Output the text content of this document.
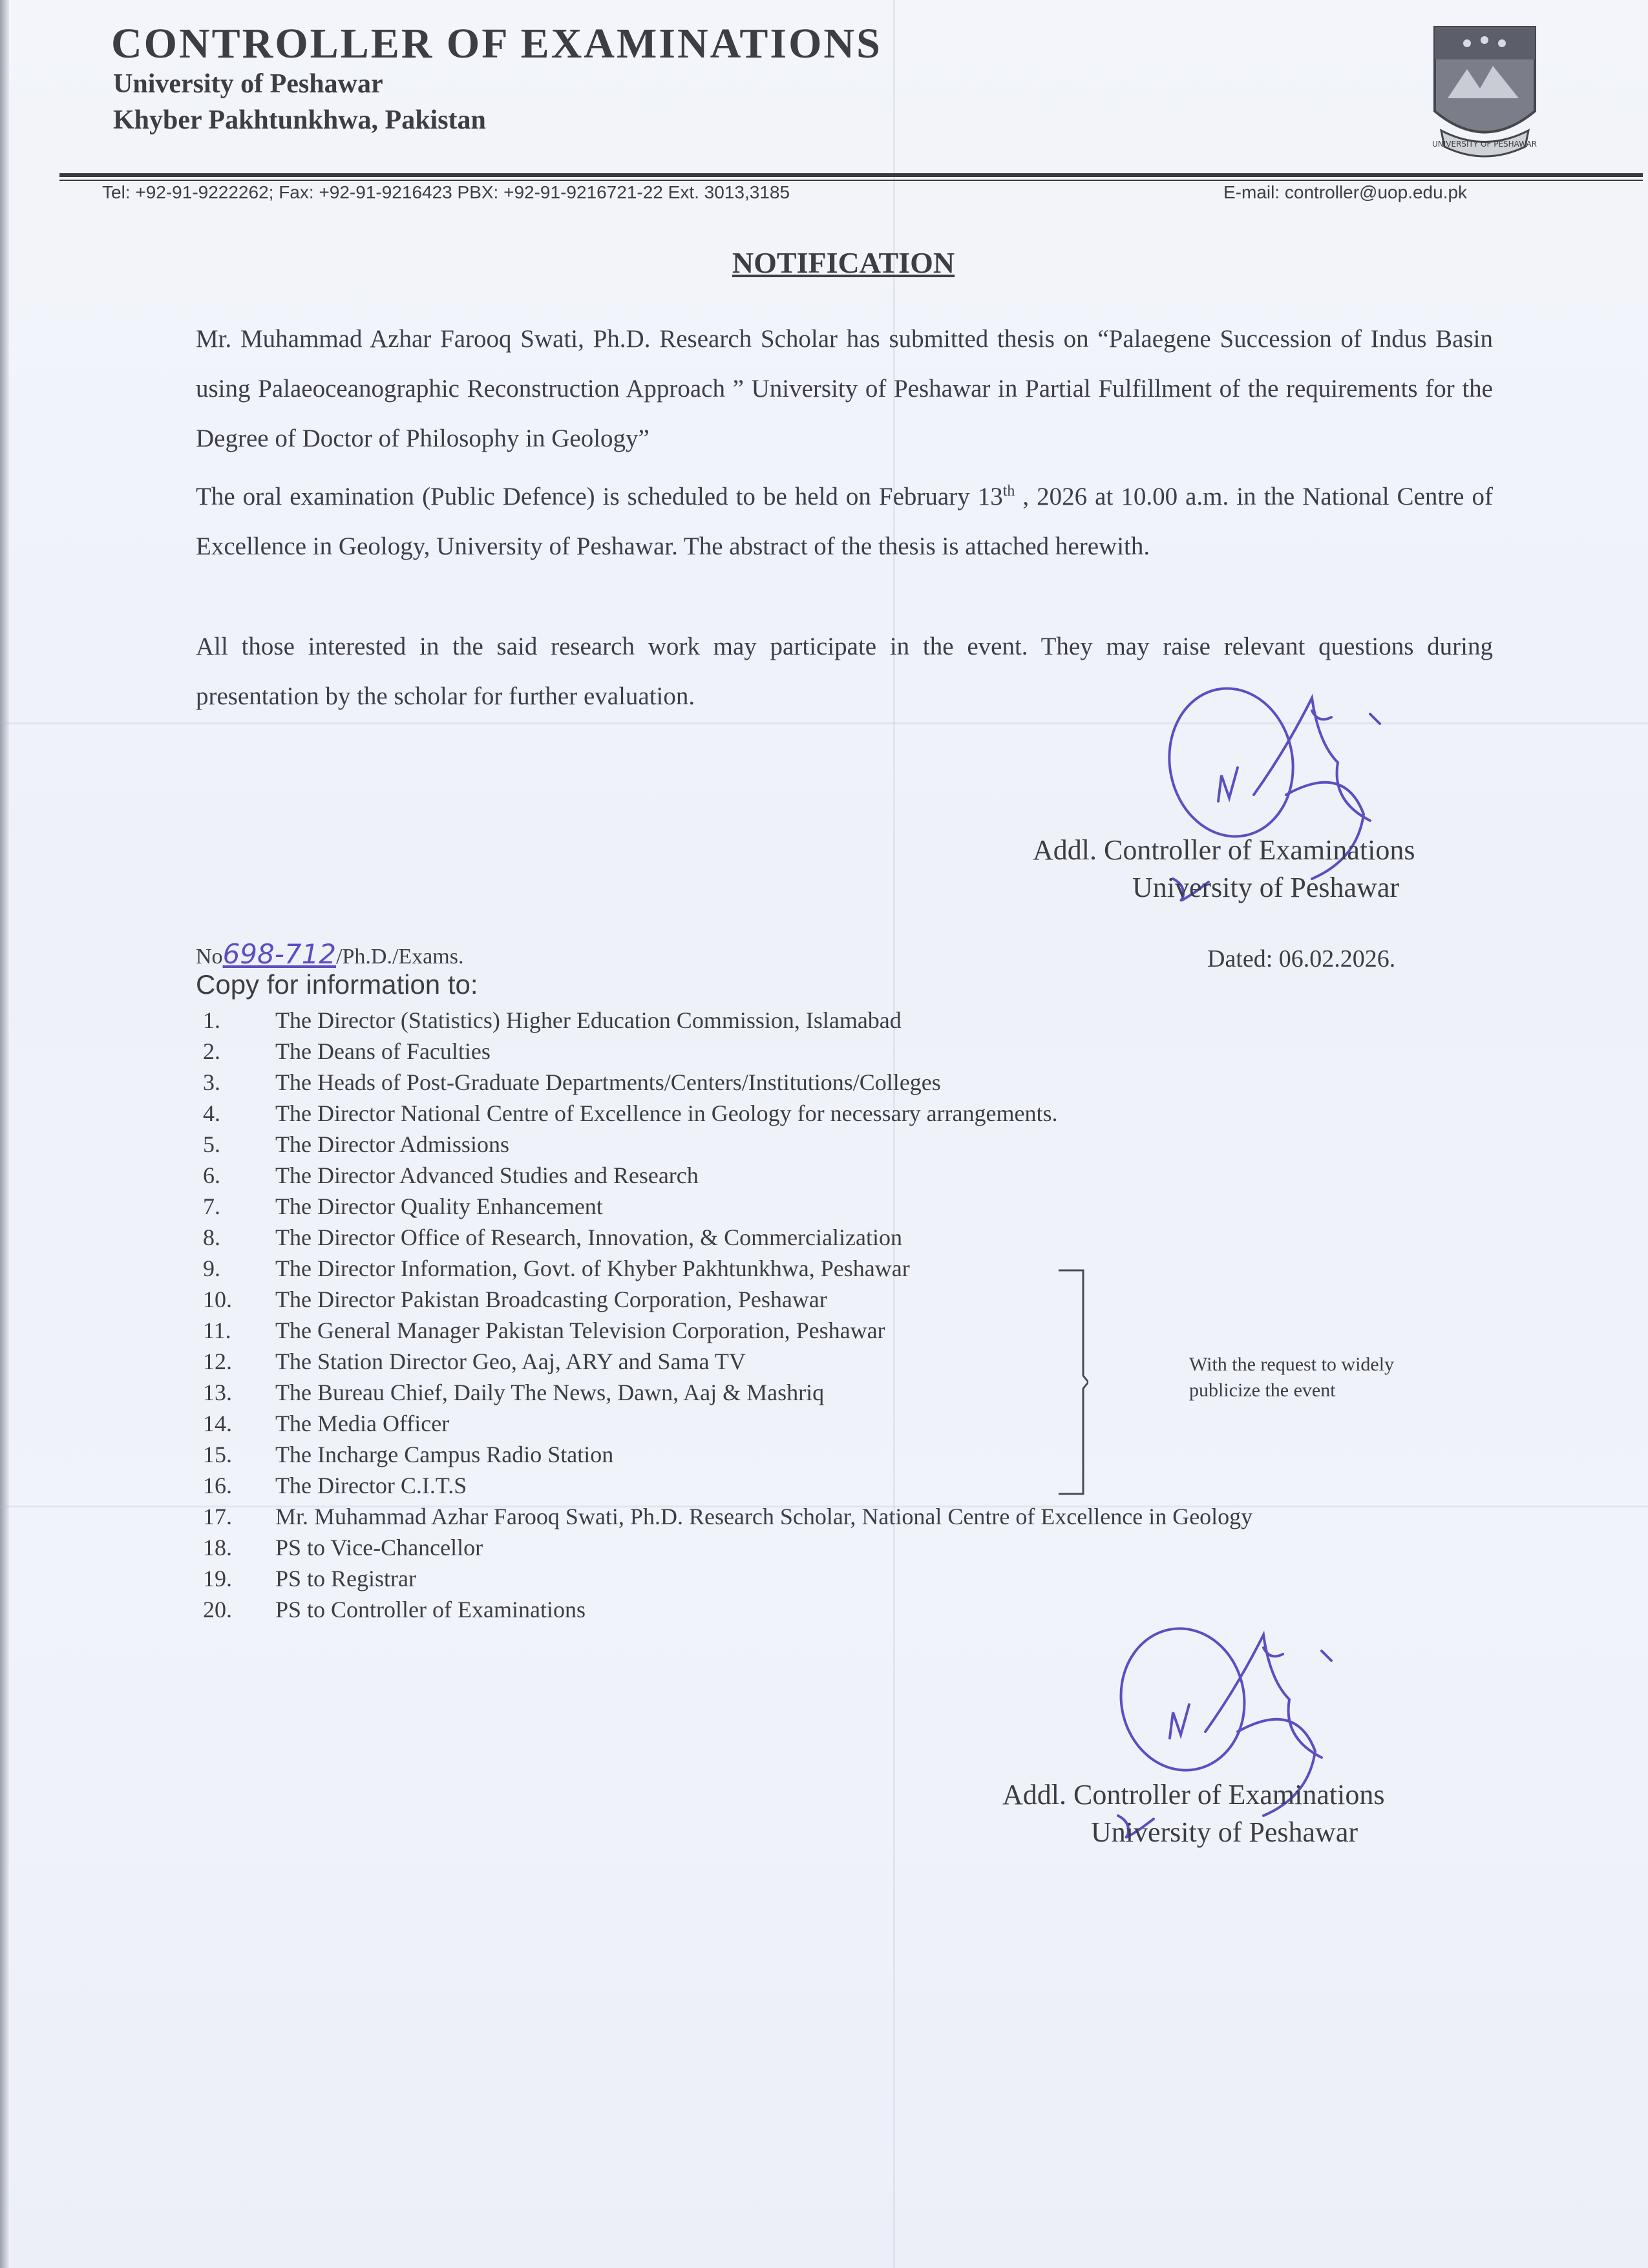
CONTROLLER OF EXAMINATIONS
University of Peshawar
Khyber Pakhtunkhwa, Pakistan
UNIVERSITY OF PESHAWAR
Tel: +92-91-9222262; Fax: +92-91-9216423 PBX: +92-91-9216721-22 Ext. 3013,3185	E-mail: controller@uop.edu.pk
NOTIFICATION
Mr. Muhammad Azhar Farooq Swati, Ph.D. Research Scholar has submitted thesis on “Palaegene Succession of Indus Basin using Palaeoceanographic Reconstruction Approach ” University of Peshawar in Partial Fulfillment of the requirements for the Degree of Doctor of Philosophy in Geology”
The oral examination (Public Defence) is scheduled to be held on February 13th , 2026 at 10.00 a.m. in the National Centre of Excellence in Geology, University of Peshawar. The abstract of the thesis is attached herewith.
All those interested in the said research work may participate in the event. They may raise relevant questions during presentation by the scholar for further evaluation.
Addl. Controller of Examinations
University of Peshawar
No698-712/Ph.D./Exams.	Dated: 06.02.2026.
Copy for information to:
1. The Director (Statistics) Higher Education Commission, Islamabad
2. The Deans of Faculties
3. The Heads of Post-Graduate Departments/Centers/Institutions/Colleges
4. The Director National Centre of Excellence in Geology for necessary arrangements.
5. The Director Admissions
6. The Director Advanced Studies and Research
7. The Director Quality Enhancement
8. The Director Office of Research, Innovation, & Commercialization
9. The Director Information, Govt. of Khyber Pakhtunkhwa, Peshawar
10. The Director Pakistan Broadcasting Corporation, Peshawar
11. The General Manager Pakistan Television Corporation, Peshawar
12. The Station Director Geo, Aaj, ARY and Sama TV
13. The Bureau Chief, Daily The News, Dawn, Aaj & Mashriq
14. The Media Officer
15. The Incharge Campus Radio Station
16. The Director C.I.T.S
17. Mr. Muhammad Azhar Farooq Swati, Ph.D. Research Scholar, National Centre of Excellence in Geology
18. PS to Vice-Chancellor
19. PS to Registrar
20. PS to Controller of Examinations
With the request to widely
publicize the event
Addl. Controller of Examinations
University of Peshawar
